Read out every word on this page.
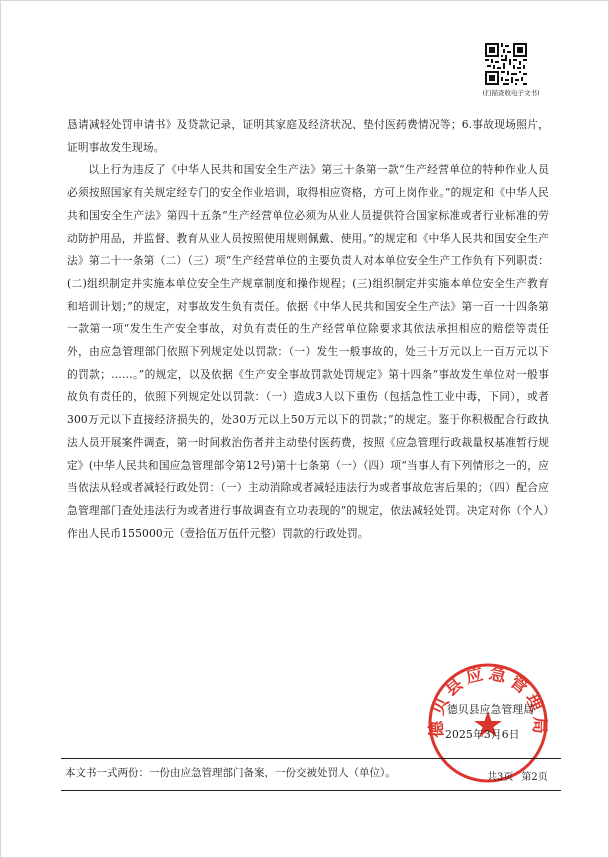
(扫描查收电子文书)

恳请减轻处罚申请书》及贷款记录，证明其家庭及经济状况、垫付医药费情况等；6.事故现场照片，证明事故发生现场。

以上行为违反了《中华人民共和国安全生产法》第三十条第一款“生产经营单位的特种作业人员必须按照国家有关规定经专门的安全作业培训，取得相应资格，方可上岗作业。”的规定和《中华人民共和国安全生产法》第四十五条“生产经营单位必须为从业人员提供符合国家标准或者行业标准的劳动防护用品，并监督、教育从业人员按照使用规则佩戴、使用。”的规定和《中华人民共和国安全生产法》第二十一条第（二）（三）项“生产经营单位的主要负责人对本单位安全生产工作负有下列职责：(二)组织制定并实施本单位安全生产规章制度和操作规程；(三)组织制定并实施本单位安全生产教育和培训计划；”的规定，对事故发生负有责任。依据《中华人民共和国安全生产法》第一百一十四条第一款第一项“发生生产安全事故，对负有责任的生产经营单位除要求其依法承担相应的赔偿等责任外，由应急管理部门依照下列规定处以罚款：（一）发生一般事故的，处三十万元以上一百万元以下的罚款；……。”的规定，以及依据《生产安全事故罚款处罚规定》第十四条“事故发生单位对一般事故负有责任的，依照下列规定处以罚款：（一）造成3人以下重伤（包括急性工业中毒，下同），或者300万元以下直接经济损失的，处30万元以上50万元以下的罚款；”的规定。鉴于你积极配合行政执法人员开展案件调查，第一时间救治伤者并主动垫付医药费，按照《应急管理行政裁量权基准暂行规定》(中华人民共和国应急管理部令第12号)第十七条第（一）（四）项“当事人有下列情形之一的，应当依法从轻或者减轻行政处罚：（一）主动消除或者减轻违法行为或者事故危害后果的；（四）配合应急管理部门查处违法行为或者进行事故调查有立功表现的”的规定，依法减轻处罚。决定对你（个人）作出人民币155000元（壹拾伍万伍仟元整）罚款的行政处罚。

德贝县应急管理局
德贝县应急管理局
2025年3月6日
本文书一式两份：一份由应急管理部门备案，一份交被处罚人（单位）。	共3页 第2页
